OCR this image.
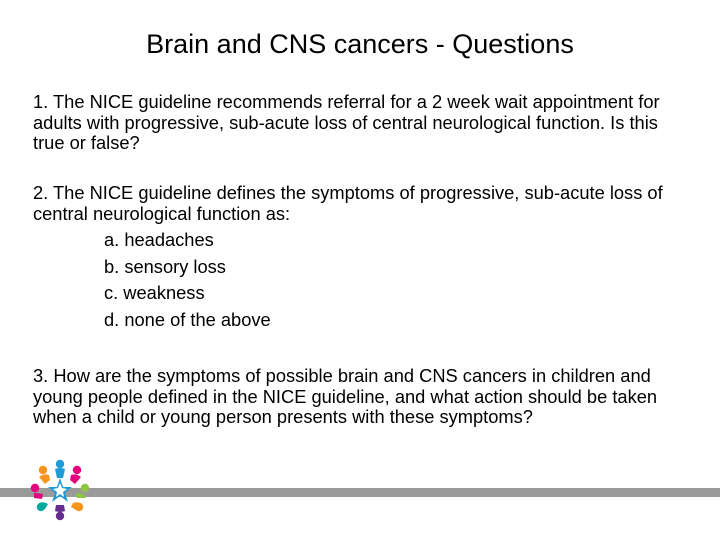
Brain and CNS cancers - Questions
1. The NICE guideline recommends referral for a 2 week wait appointment for adults with progressive, sub‐acute loss of central neurological function. Is this true or false?
2. The NICE guideline defines the symptoms of progressive, sub‐acute loss of central neurological function as:
a. headaches
b. sensory loss
c. weakness
d. none of the above
3. How are the symptoms of possible brain and CNS cancers in children and young people defined in the NICE guideline, and what action should be taken when a child or young person presents with these symptoms?
